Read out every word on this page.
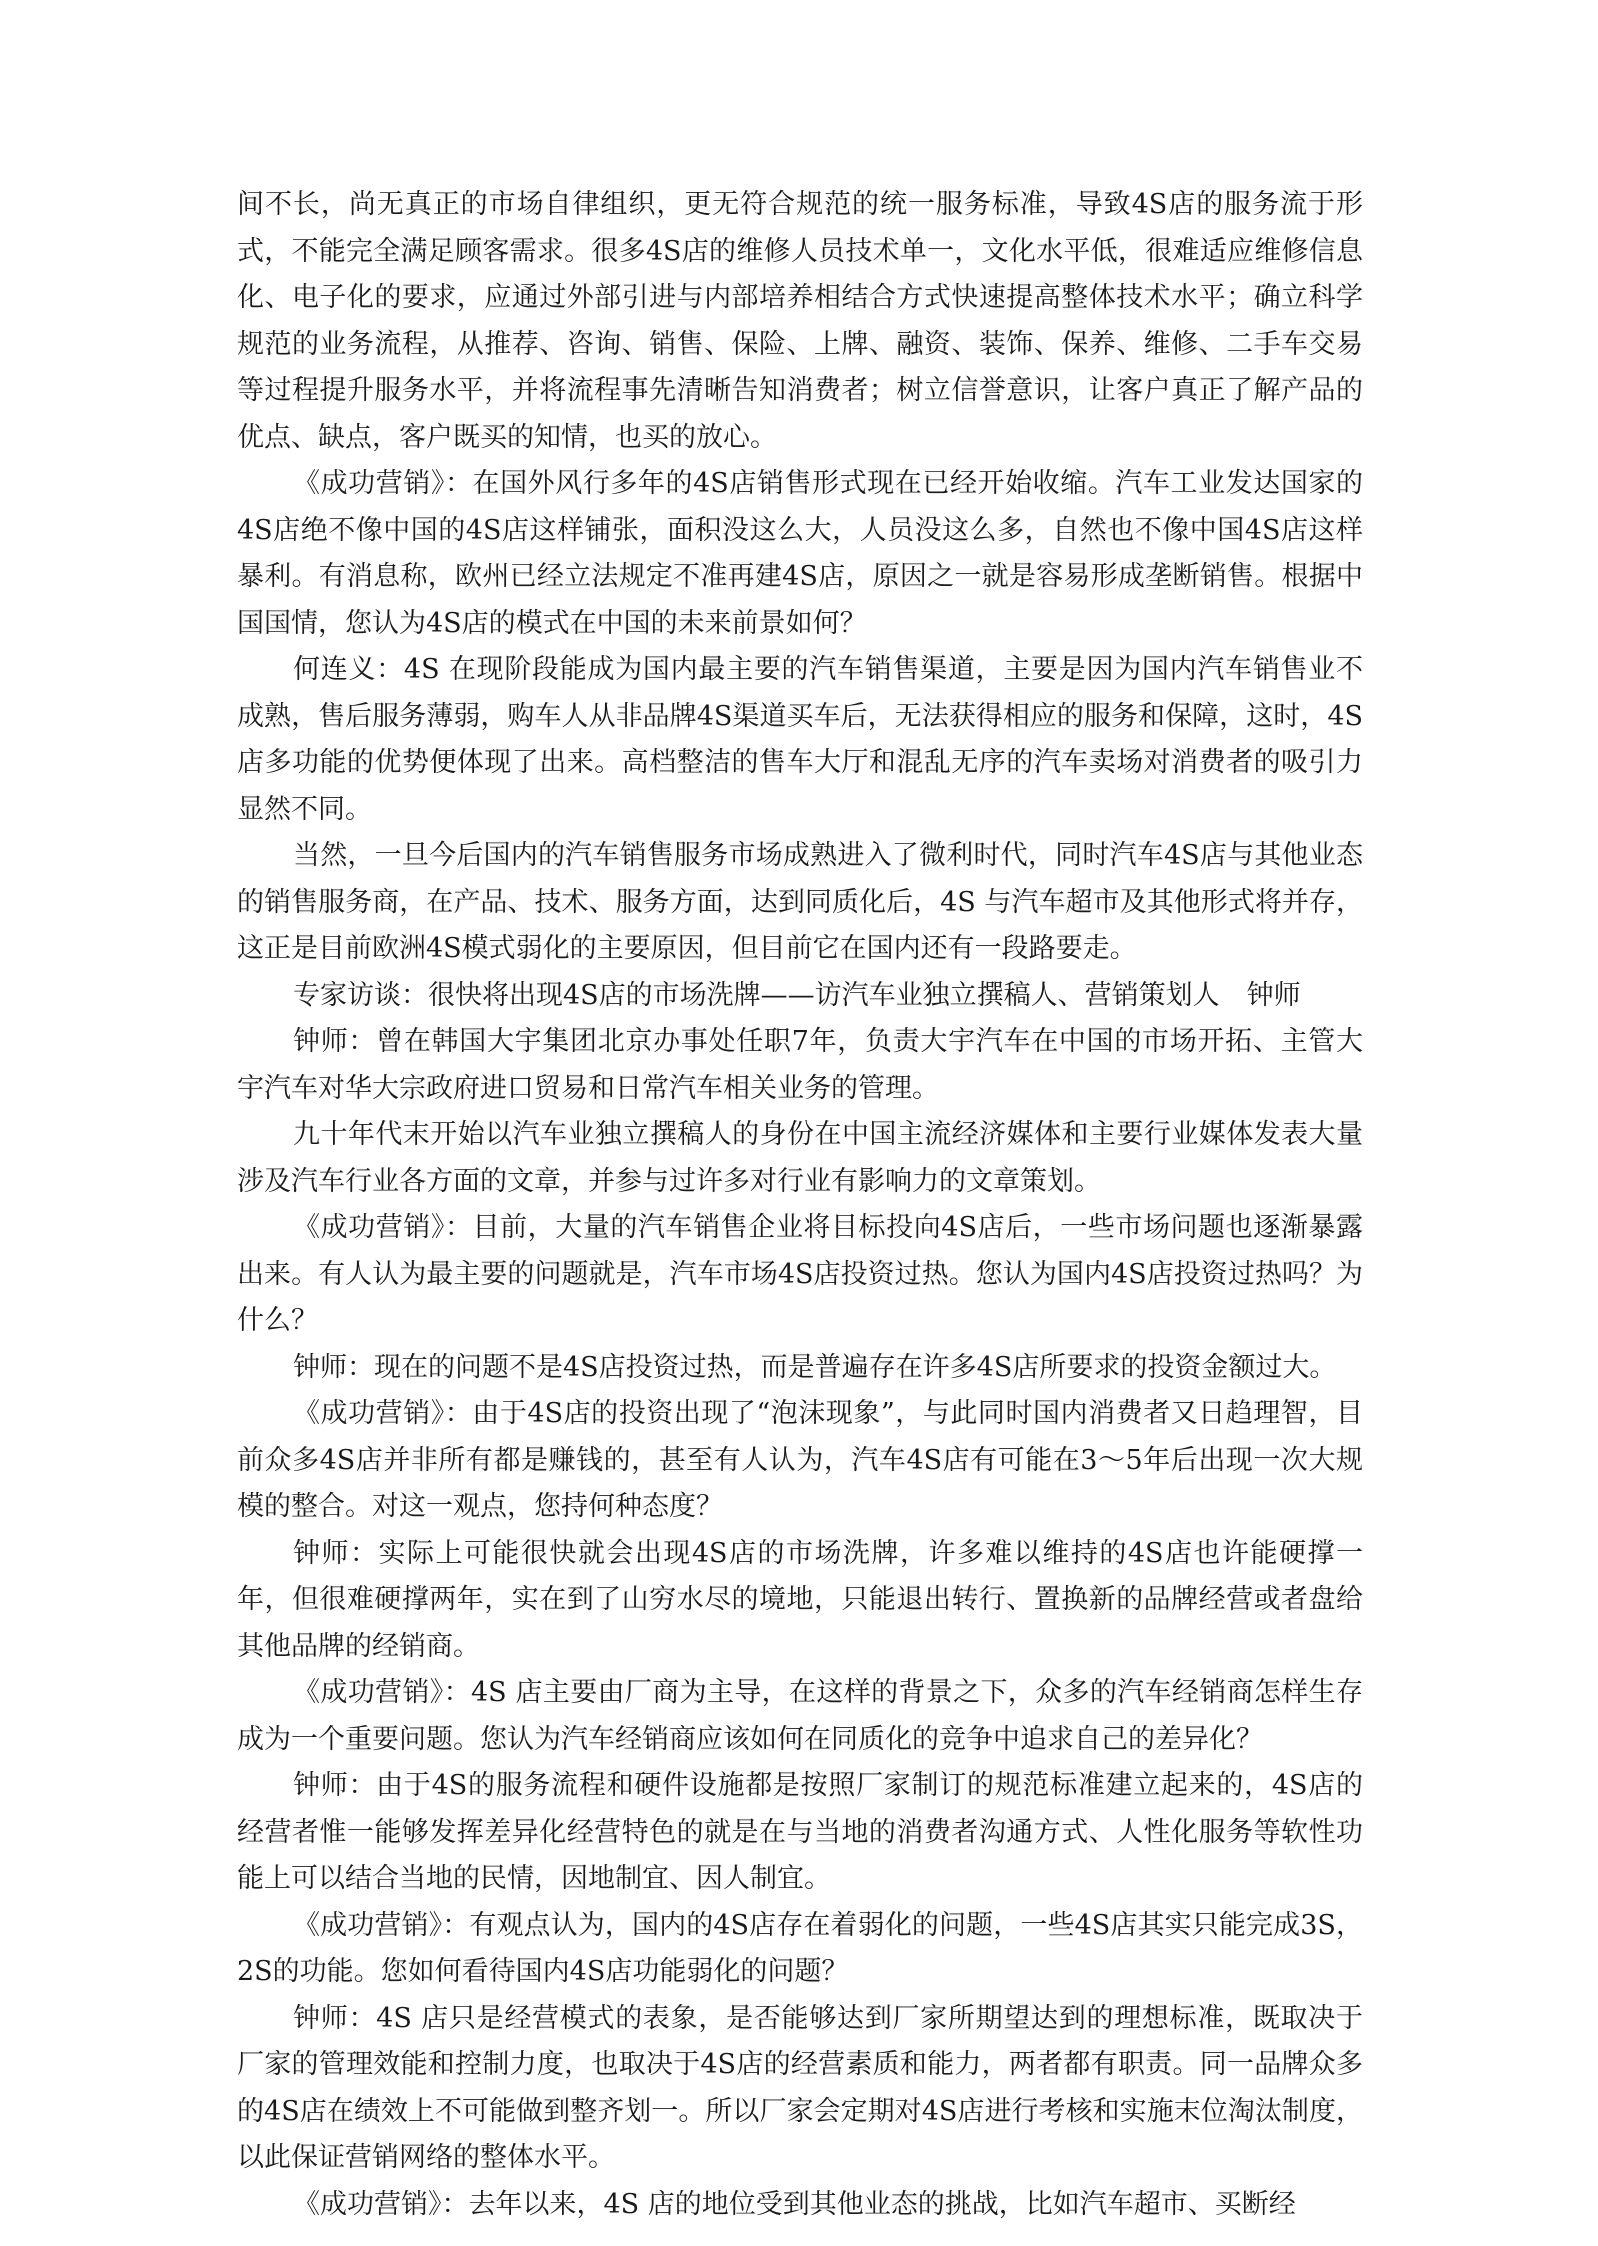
间不长，尚无真正的市场自律组织，更无符合规范的统一服务标准，导致4S店的服务流于形式，不能完全满足顾客需求。很多4S店的维修人员技术单一，文化水平低，很难适应维修信息化、电子化的要求，应通过外部引进与内部培养相结合方式快速提高整体技术水平；确立科学规范的业务流程，从推荐、咨询、销售、保险、上牌、融资、装饰、保养、维修、二手车交易等过程提升服务水平，并将流程事先清晰告知消费者；树立信誉意识，让客户真正了解产品的优点、缺点，客户既买的知情，也买的放心。

《成功营销》：在国外风行多年的4S店销售形式现在已经开始收缩。汽车工业发达国家的4S店绝不像中国的4S店这样铺张，面积没这么大，人员没这么多，自然也不像中国4S店这样暴利。有消息称，欧州已经立法规定不准再建4S店，原因之一就是容易形成垄断销售。根据中国国情，您认为4S店的模式在中国的未来前景如何？

何连义：4S 在现阶段能成为国内最主要的汽车销售渠道，主要是因为国内汽车销售业不成熟，售后服务薄弱，购车人从非品牌4S渠道买车后，无法获得相应的服务和保障，这时，4S 店多功能的优势便体现了出来。高档整洁的售车大厅和混乱无序的汽车卖场对消费者的吸引力显然不同。

当然，一旦今后国内的汽车销售服务市场成熟进入了微利时代，同时汽车4S店与其他业态的销售服务商，在产品、技术、服务方面，达到同质化后，4S 与汽车超市及其他形式将并存，这正是目前欧洲4S模式弱化的主要原因，但目前它在国内还有一段路要走。

专家访谈：很快将出现4S店的市场洗牌——访汽车业独立撰稿人、营销策划人　钟师

钟师：曾在韩国大宇集团北京办事处任职7年，负责大宇汽车在中国的市场开拓、主管大宇汽车对华大宗政府进口贸易和日常汽车相关业务的管理。

九十年代末开始以汽车业独立撰稿人的身份在中国主流经济媒体和主要行业媒体发表大量涉及汽车行业各方面的文章，并参与过许多对行业有影响力的文章策划。

《成功营销》：目前，大量的汽车销售企业将目标投向4S店后，一些市场问题也逐渐暴露出来。有人认为最主要的问题就是，汽车市场4S店投资过热。您认为国内4S店投资过热吗？为什么？

钟师：现在的问题不是4S店投资过热，而是普遍存在许多4S店所要求的投资金额过大。

《成功营销》：由于4S店的投资出现了“泡沫现象”，与此同时国内消费者又日趋理智，目前众多4S店并非所有都是赚钱的，甚至有人认为，汽车4S店有可能在3～5年后出现一次大规模的整合。对这一观点，您持何种态度？

钟师：实际上可能很快就会出现4S店的市场洗牌，许多难以维持的4S店也许能硬撑一年，但很难硬撑两年，实在到了山穷水尽的境地，只能退出转行、置换新的品牌经营或者盘给其他品牌的经销商。

《成功营销》：4S 店主要由厂商为主导，在这样的背景之下，众多的汽车经销商怎样生存成为一个重要问题。您认为汽车经销商应该如何在同质化的竞争中追求自己的差异化？

钟师：由于4S的服务流程和硬件设施都是按照厂家制订的规范标准建立起来的，4S店的经营者惟一能够发挥差异化经营特色的就是在与当地的消费者沟通方式、人性化服务等软性功能上可以结合当地的民情，因地制宜、因人制宜。

《成功营销》：有观点认为，国内的4S店存在着弱化的问题，一些4S店其实只能完成3S，2S的功能。您如何看待国内4S店功能弱化的问题？

钟师：4S 店只是经营模式的表象，是否能够达到厂家所期望达到的理想标准，既取决于厂家的管理效能和控制力度，也取决于4S店的经营素质和能力，两者都有职责。同一品牌众多的4S店在绩效上不可能做到整齐划一。所以厂家会定期对4S店进行考核和实施末位淘汰制度，以此保证营销网络的整体水平。

《成功营销》：去年以来，4S 店的地位受到其他业态的挑战，比如汽车超市、买断经
